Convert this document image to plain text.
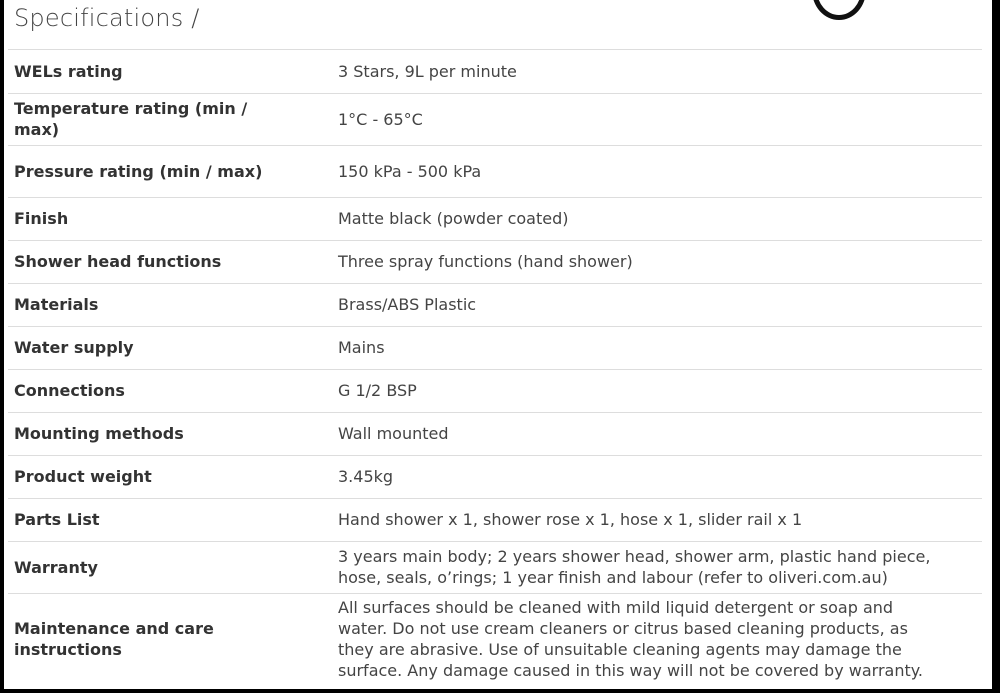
Specifications /
WELs rating	3 Stars, 9L per minute
Temperature rating (min / max)	1°C - 65°C
Pressure rating (min / max)	150 kPa - 500 kPa
Finish	Matte black (powder coated)
Shower head functions	Three spray functions (hand shower)
Materials	Brass/ABS Plastic
Water supply	Mains
Connections	G 1/2 BSP
Mounting methods	Wall mounted
Product weight	3.45kg
Parts List	Hand shower x 1, shower rose x 1, hose x 1, slider rail x 1
Warranty	3 years main body; 2 years shower head, shower arm, plastic hand piece, hose, seals, o’rings; 1 year finish and labour (refer to oliveri.com.au)
Maintenance and care instructions	All surfaces should be cleaned with mild liquid detergent or soap and water. Do not use cream cleaners or citrus based cleaning products, as they are abrasive. Use of unsuitable cleaning agents may damage the surface. Any damage caused in this way will not be covered by warranty.
